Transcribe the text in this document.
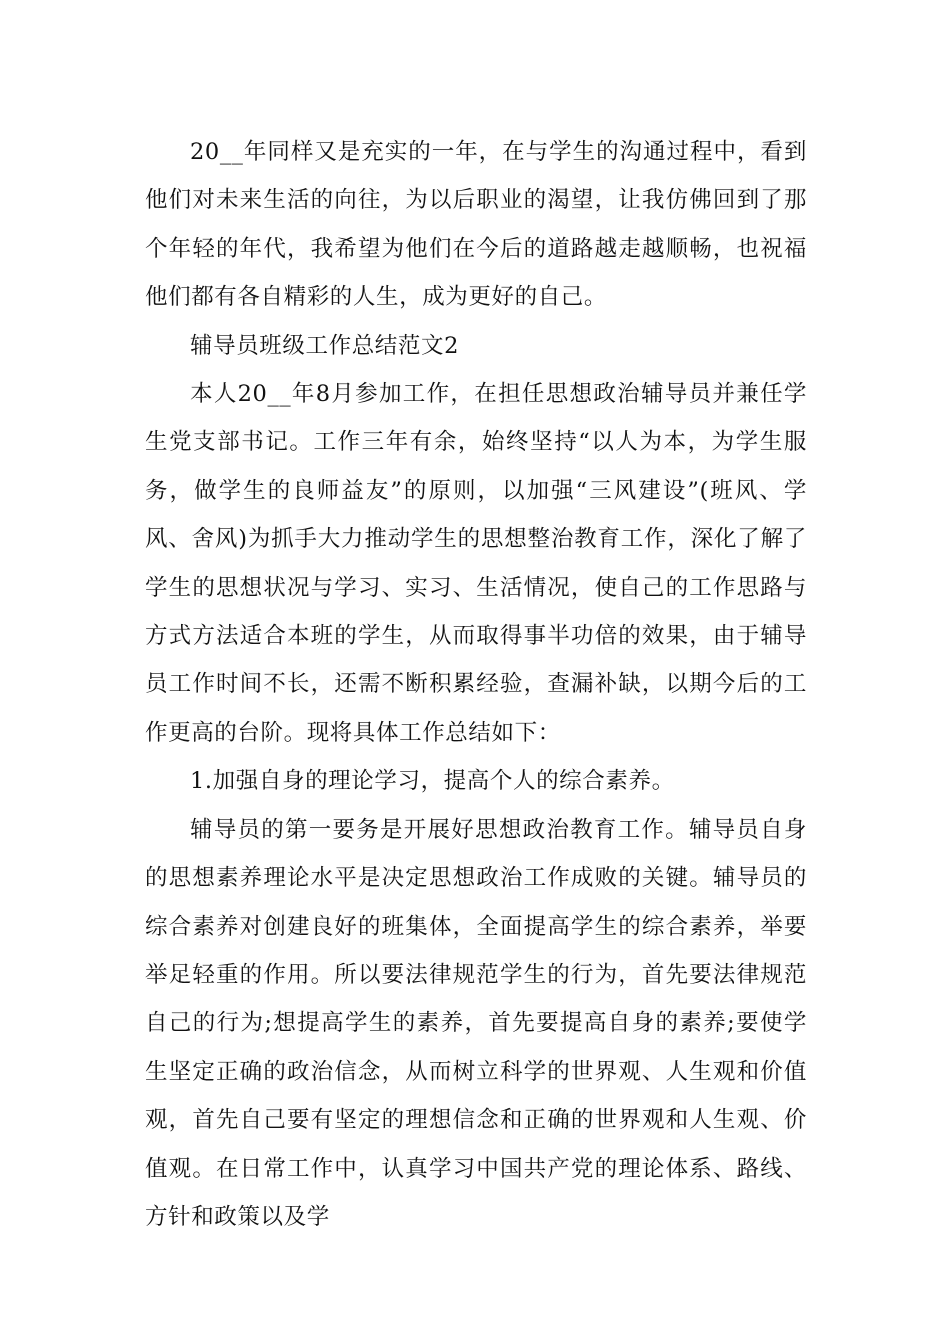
20__年同样又是充实的一年，在与学生的沟通过程中，看到他们对未来生活的向往，为以后职业的渴望，让我仿佛回到了那个年轻的年代，我希望为他们在今后的道路越走越顺畅，也祝福他们都有各自精彩的人生，成为更好的自己。

辅导员班级工作总结范文2

本人20__年8月参加工作，在担任思想政治辅导员并兼任学生党支部书记。工作三年有余，始终坚持“以人为本，为学生服务，做学生的良师益友”的原则，以加强“三风建设”(班风、学风、舍风)为抓手大力推动学生的思想整治教育工作，深化了解了学生的思想状况与学习、实习、生活情况，使自己的工作思路与方式方法适合本班的学生，从而取得事半功倍的效果，由于辅导员工作时间不长，还需不断积累经验，查漏补缺，以期今后的工作更高的台阶。现将具体工作总结如下：

1.加强自身的理论学习，提高个人的综合素养。

辅导员的第一要务是开展好思想政治教育工作。辅导员自身的思想素养理论水平是决定思想政治工作成败的关键。辅导员的综合素养对创建良好的班集体，全面提高学生的综合素养，举要举足轻重的作用。所以要法律规范学生的行为，首先要法律规范自己的行为;想提高学生的素养，首先要提高自身的素养;要使学生坚定正确的政治信念，从而树立科学的世界观、人生观和价值观，首先自己要有坚定的理想信念和正确的世界观和人生观、价值观。在日常工作中，认真学习中国共产党的理论体系、路线、方针和政策以及学
